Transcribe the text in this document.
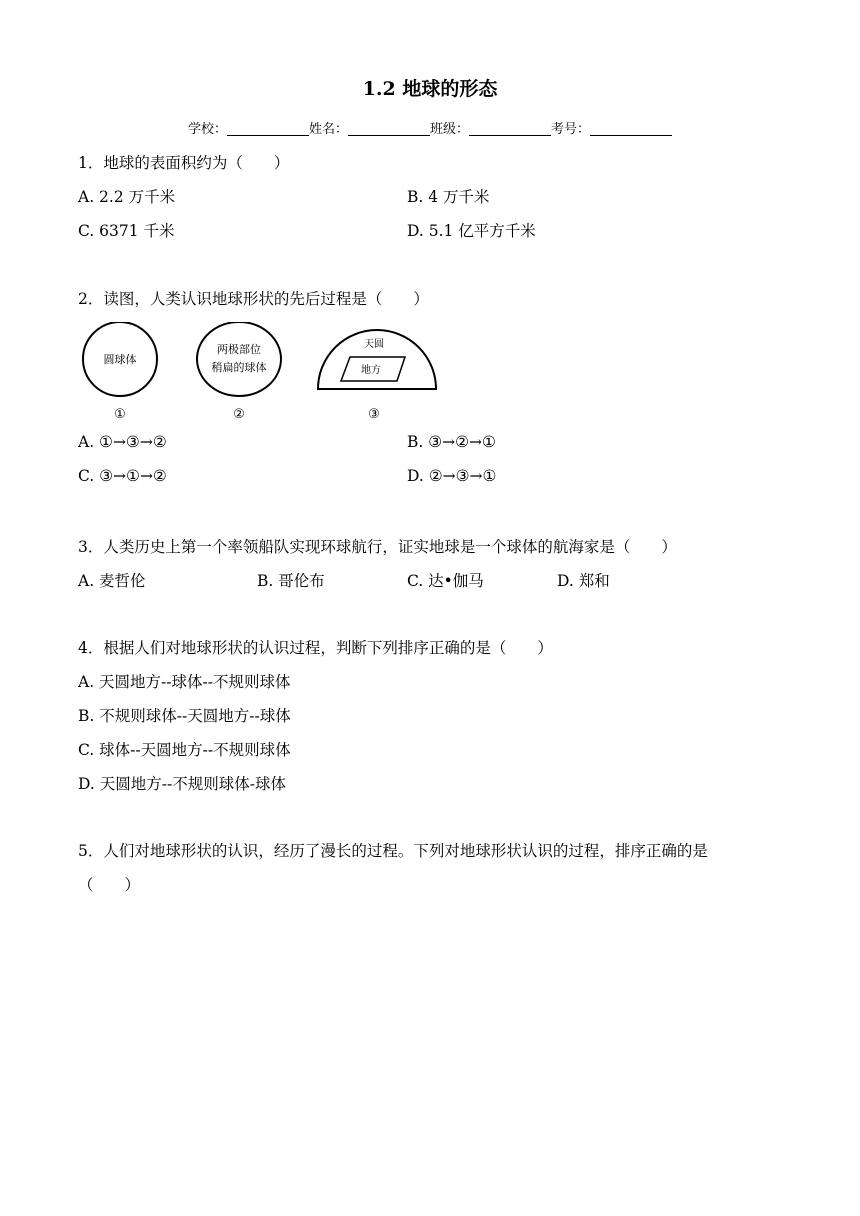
1.2 地球的形态
学校：	姓名：	班级：	考号：
1．地球的表面积约为（　　）
A. 2.2 万千米	B. 4 万千米
C. 6371 千米	D. 5.1 亿平方千米
2．读图，人类认识地球形状的先后过程是（　　）
圆球体
两极部位
稍扁的球体
天圆
地方
①	②	③
A. ①→③→②	B. ③→②→①
C. ③→①→②	D. ②→③→①
3．人类历史上第一个率领船队实现环球航行，证实地球是一个球体的航海家是（　　）
A. 麦哲伦	B. 哥伦布	C. 达•伽马	D. 郑和
4．根据人们对地球形状的认识过程，判断下列排序正确的是（　　）
A. 天圆地方--球体--不规则球体
B. 不规则球体--天圆地方--球体
C. 球体--天圆地方--不规则球体
D. 天圆地方--不规则球体-球体
5．人们对地球形状的认识，经历了漫长的过程。下列对地球形状认识的过程，排序正确的是
（　　）
